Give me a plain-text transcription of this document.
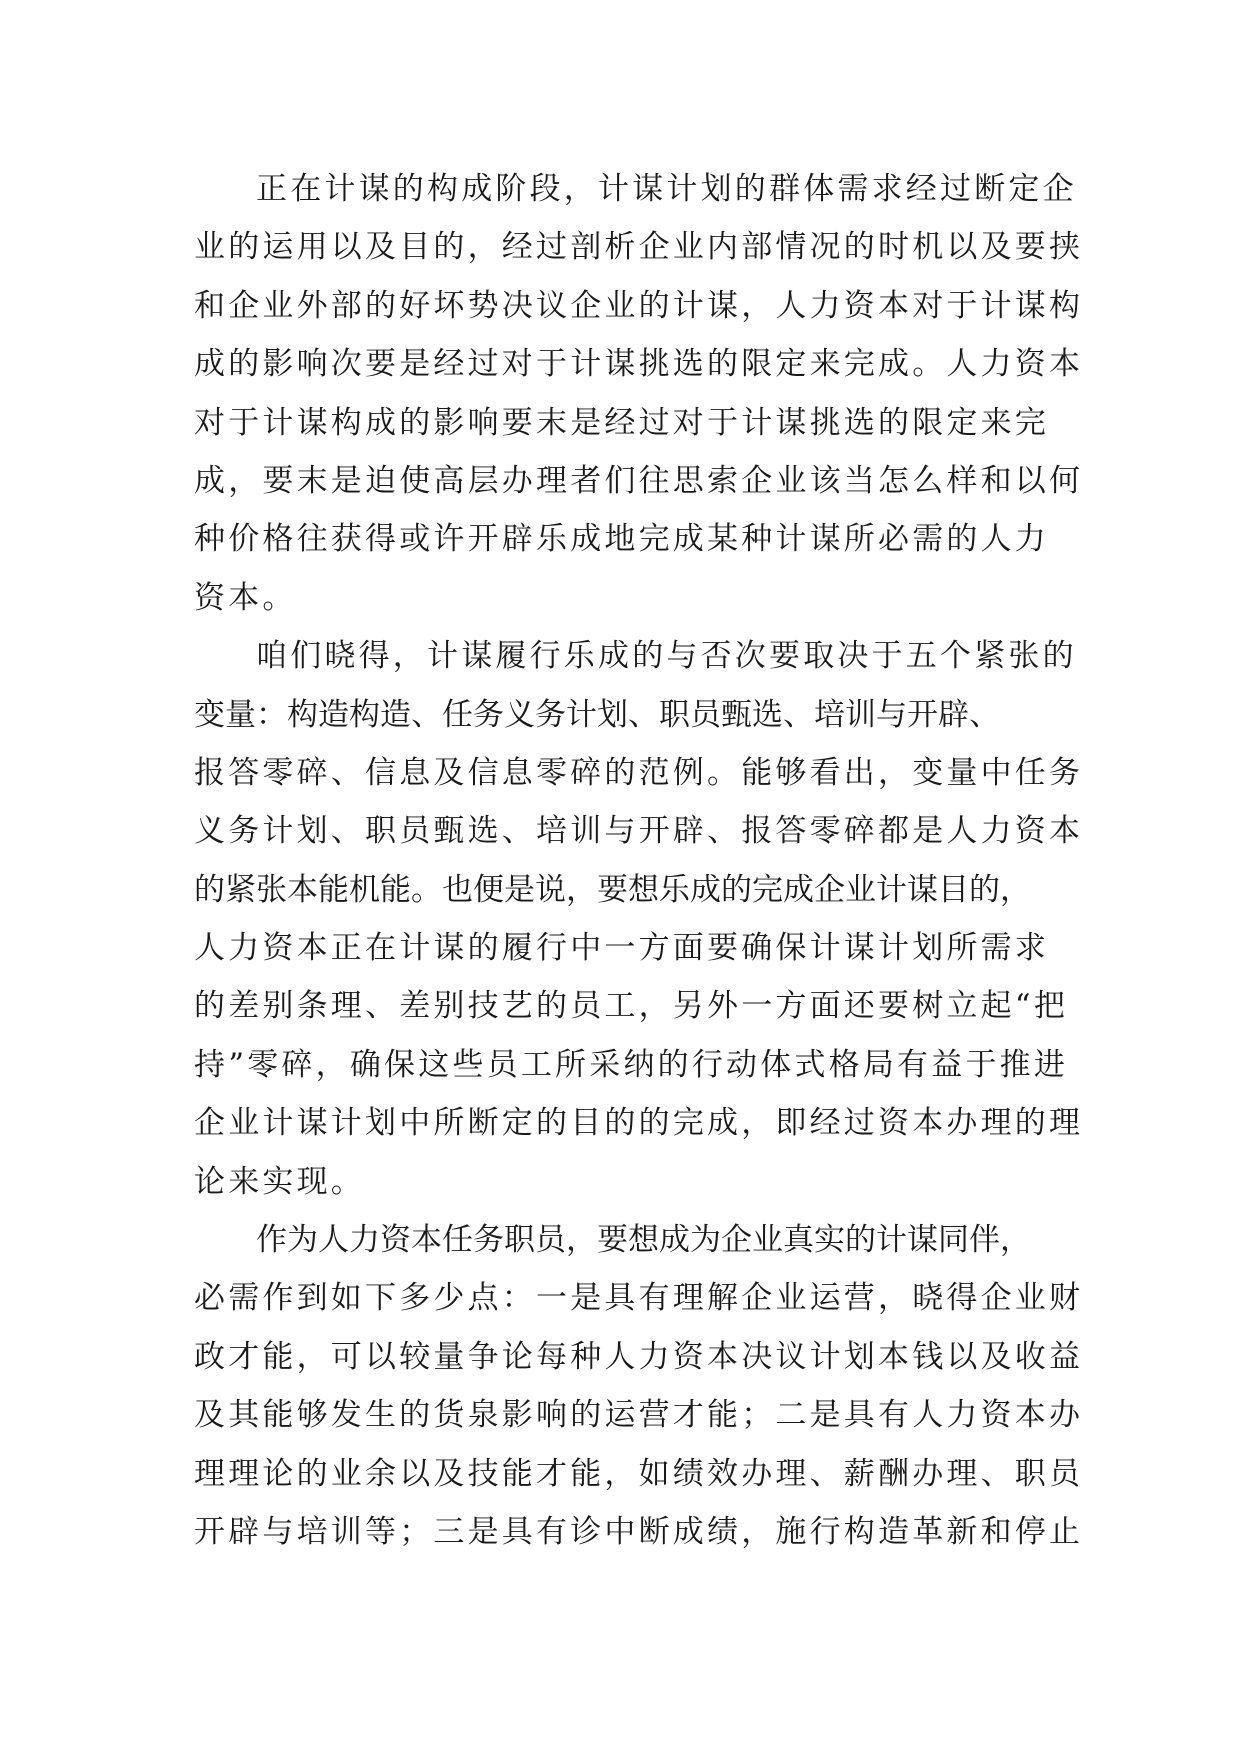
正在计谋的构成阶段，计谋计划的群体需求经过断定企
业的运用以及目的，经过剖析企业内部情况的时机以及要挟
和企业外部的好坏势决议企业的计谋，人力资本对于计谋构
成的影响次要是经过对于计谋挑选的限定来完成。人力资本
对于计谋构成的影响要末是经过对于计谋挑选的限定来完
成，要末是迫使高层办理者们往思索企业该当怎么样和以何
种价格往获得或许开辟乐成地完成某种计谋所必需的人力
资本。
咱们晓得，计谋履行乐成的与否次要取决于五个紧张的
变量：构造构造、任务义务计划、职员甄选、培训与开辟、
报答零碎、信息及信息零碎的范例。能够看出，变量中任务
义务计划、职员甄选、培训与开辟、报答零碎都是人力资本
的紧张本能机能。也便是说，要想乐成的完成企业计谋目的，
人力资本正在计谋的履行中一方面要确保计谋计划所需求
的差别条理、差别技艺的员工，另外一方面还要树立起“把
持”零碎，确保这些员工所采纳的行动体式格局有益于推进
企业计谋计划中所断定的目的的完成，即经过资本办理的理
论来实现。
作为人力资本任务职员，要想成为企业真实的计谋同伴，
必需作到如下多少点：一是具有理解企业运营，晓得企业财
政才能，可以较量争论每种人力资本决议计划本钱以及收益
及其能够发生的货泉影响的运营才能；二是具有人力资本办
理理论的业余以及技能才能，如绩效办理、薪酬办理、职员
开辟与培训等；三是具有诊中断成绩，施行构造革新和停止
